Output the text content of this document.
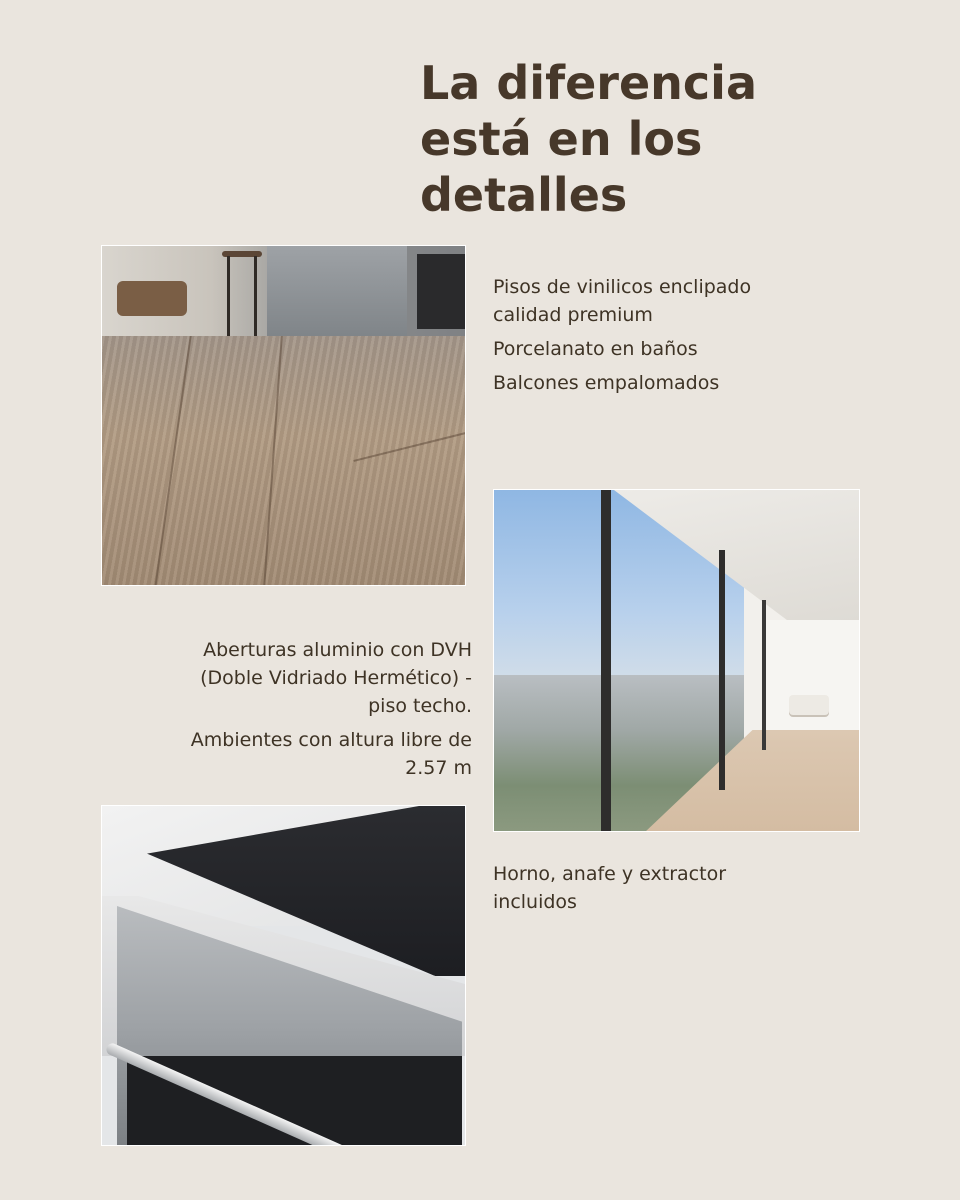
La diferencia
está en los
detalles

Pisos de vinilicos enclipado calidad premium

Porcelanato en baños

Balcones empalomados

Aberturas aluminio con DVH (Doble Vidriado Hermético) - piso techo.

Ambientes con altura libre de 2.57 m

Horno, anafe y extractor incluidos
